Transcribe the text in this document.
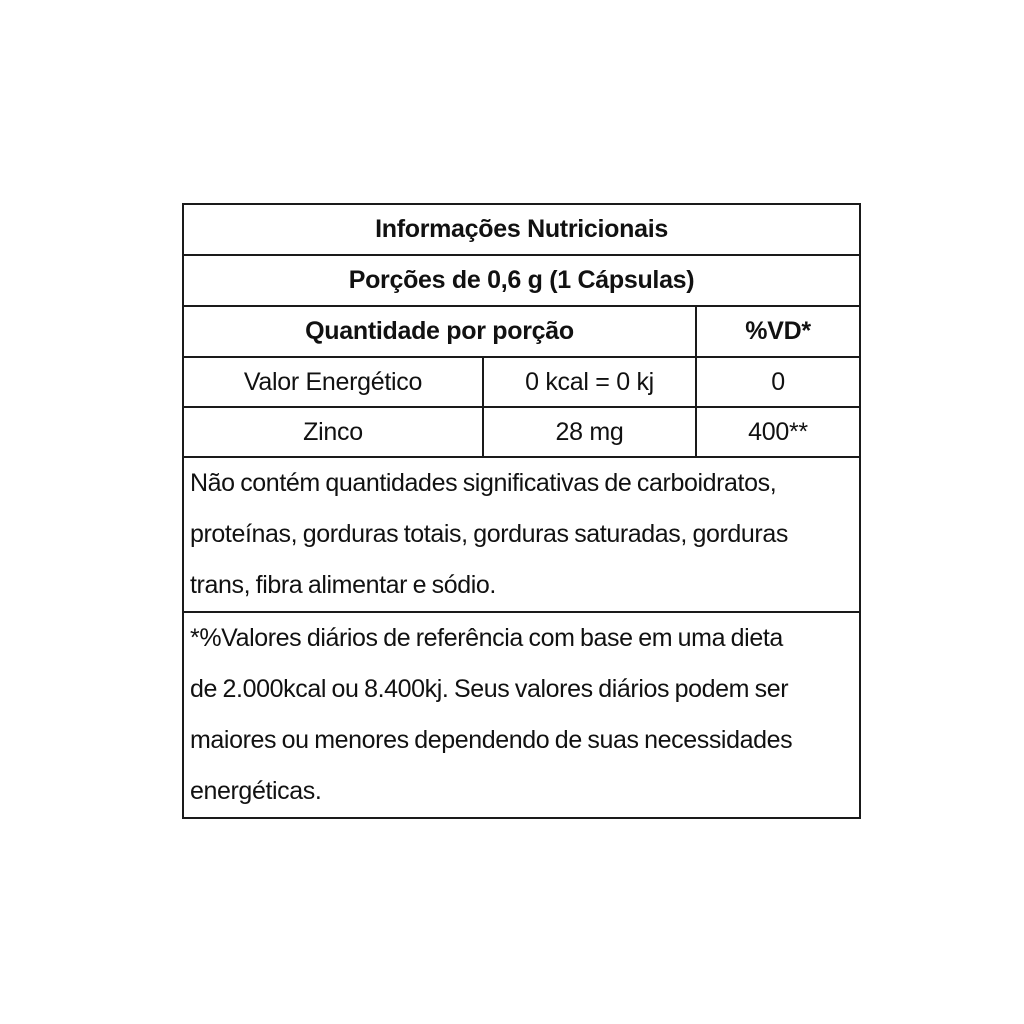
Informações Nutricionais		
Porções de 0,6 g (1 Cápsulas)		
Quantidade por porção		%VD*
Valor Energético	0 kcal = 0 kj	0
Zinco	28 mg	400**

Não contém quantidades significativas de carboidratos,
proteínas, gorduras totais, gorduras saturadas, gorduras
trans, fibra alimentar e sódio.		

*%Valores diários de referência com base em uma dieta
de 2.000kcal ou 8.400kj. Seus valores diários podem ser
maiores ou menores dependendo de suas necessidades
energéticas.		
